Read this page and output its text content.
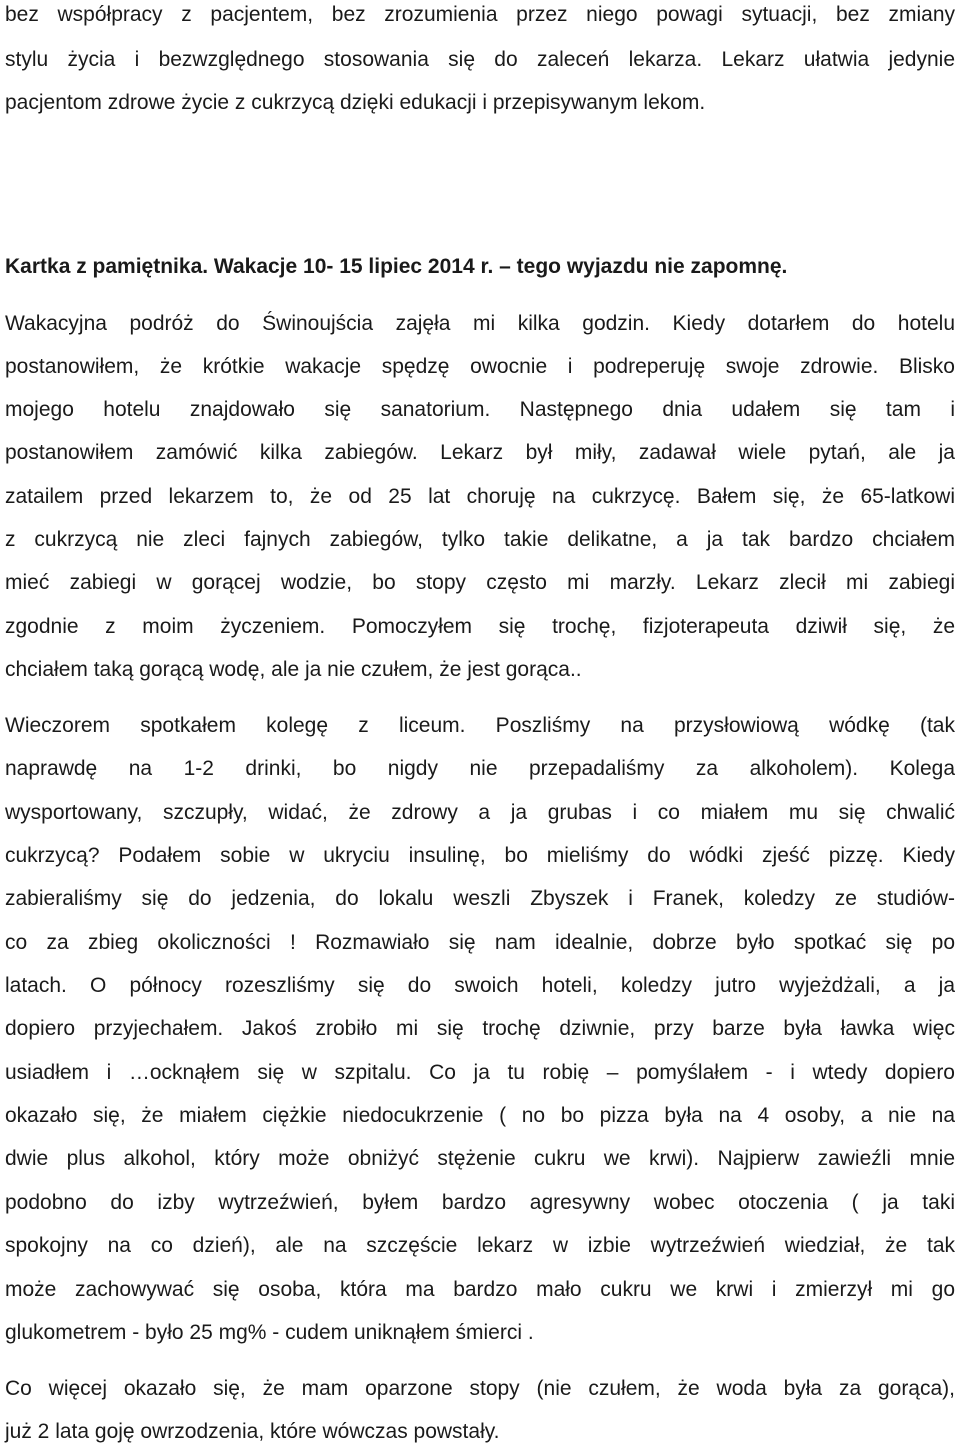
bez współpracy z pacjentem, bez zrozumienia przez niego powagi sytuacji, bez zmiany
stylu życia i bezwzględnego stosowania się do zaleceń lekarza. Lekarz ułatwia jedynie
pacjentom zdrowe życie z cukrzycą dzięki edukacji i przepisywanym lekom.
Kartka z pamiętnika. Wakacje 10- 15 lipiec 2014 r. – tego wyjazdu nie zapomnę.
Wakacyjna podróż do Świnoujścia zajęła mi kilka godzin. Kiedy dotarłem do hotelu
postanowiłem, że krótkie wakacje spędzę owocnie i podreperuję swoje zdrowie. Blisko
mojego hotelu znajdowało się sanatorium. Następnego dnia udałem się tam i
postanowiłem zamówić kilka zabiegów. Lekarz był miły, zadawał wiele pytań, ale ja
zatailem przed lekarzem to, że od 25 lat choruję na cukrzycę. Bałem się, że 65-latkowi
z cukrzycą nie zleci fajnych zabiegów, tylko takie delikatne, a ja tak bardzo chciałem
mieć zabiegi w gorącej wodzie, bo stopy często mi marzły. Lekarz zlecił mi zabiegi
zgodnie z moim życzeniem. Pomoczyłem się trochę, fizjoterapeuta dziwił się, że
chciałem taką gorącą wodę, ale ja nie czułem, że jest gorąca..
Wieczorem spotkałem kolegę z liceum. Poszliśmy na przysłowiową wódkę (tak
naprawdę na 1-2 drinki, bo nigdy nie przepadaliśmy za alkoholem). Kolega
wysportowany, szczupły, widać, że zdrowy a ja grubas i co miałem mu się chwalić
cukrzycą? Podałem sobie w ukryciu insulinę, bo mieliśmy do wódki zjeść pizzę. Kiedy
zabieraliśmy się do jedzenia, do lokalu weszli Zbyszek i Franek, koledzy ze studiów-
co za zbieg okoliczności ! Rozmawiało się nam idealnie, dobrze było spotkać się po
latach. O północy rozeszliśmy się do swoich hoteli, koledzy jutro wyjeżdżali, a ja
dopiero przyjechałem. Jakoś zrobiło mi się trochę dziwnie, przy barze była ławka więc
usiadłem i …ocknąłem się w szpitalu. Co ja tu robię – pomyślałem - i wtedy dopiero
okazało się, że miałem ciężkie niedocukrzenie ( no bo pizza była na 4 osoby, a nie na
dwie plus alkohol, który może obniżyć stężenie cukru we krwi). Najpierw zawieźli mnie
podobno do izby wytrzeźwień, byłem bardzo agresywny wobec otoczenia ( ja taki
spokojny na co dzień), ale na szczęście lekarz w izbie wytrzeźwień wiedział, że tak
może zachowywać się osoba, która ma bardzo mało cukru we krwi i zmierzył mi go
glukometrem - było 25 mg% - cudem uniknąłem śmierci .
Co więcej okazało się, że mam oparzone stopy (nie czułem, że woda była za gorąca),
już 2 lata goję owrzodzenia, które wówczas powstały.
